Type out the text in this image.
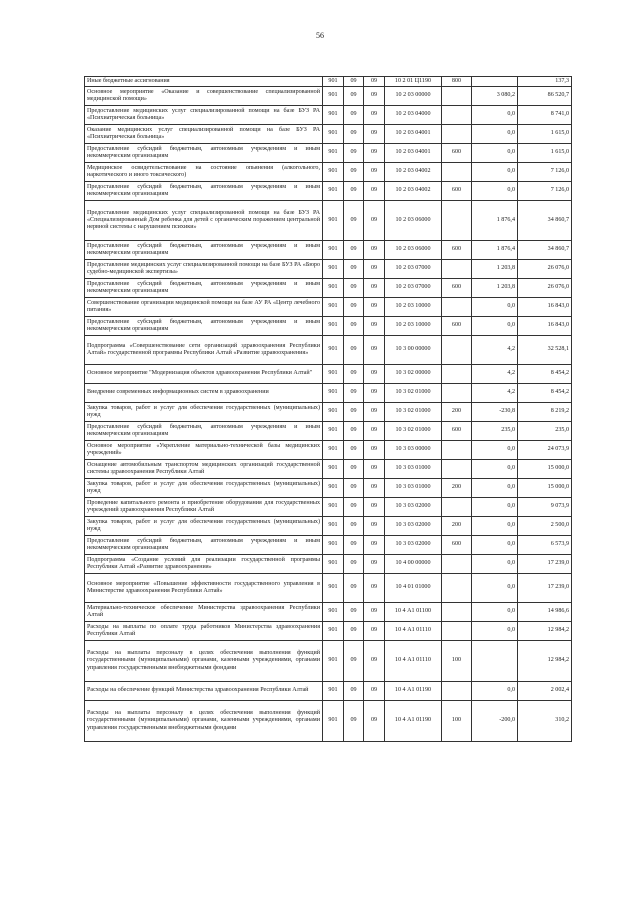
56
Иные бюджетные ассигнования	901	09	09	10 2 01 Ц1190	800		137,3
Основное мероприятие «Оказание и совершенствование специализированной медицинской помощи»	901	09	09	10 2 03 00000		3 080,2	86 520,7
Предоставление медицинских услуг специализированной помощи на базе БУЗ РА «Психиатрическая больница»	901	09	09	10 2 03 04000		0,0	8 741,0
Оказание медицинских услуг специализированной помощи на базе БУЗ РА «Психиатрическая больница»	901	09	09	10 2 03 04001		0,0	1 615,0
Предоставление субсидий бюджетным, автономным учреждениям и иным некоммерческим организациям	901	09	09	10 2 03 04001	600	0,0	1 615,0
Медицинское освидетельствование на состояние опьянения (алкогольного, наркотического и иного токсического)	901	09	09	10 2 03 04002		0,0	7 126,0
Предоставление субсидий бюджетным, автономным учреждениям и иным некоммерческим организациям	901	09	09	10 2 03 04002	600	0,0	7 126,0
Предоставление медицинских услуг специализированной помощи на базе БУЗ РА «Специализированный Дом ребенка для детей с органическим поражением центральной нервной системы с нарушением психики»	901	09	09	10 2 03 06000		1 876,4	34 860,7
Предоставление субсидий бюджетным, автономным учреждениям и иным некоммерческим организациям	901	09	09	10 2 03 06000	600	1 876,4	34 860,7
Предоставление медицинских услуг специализированной помощи на базе БУЗ РА «Бюро судебно-медицинской экспертизы»	901	09	09	10 2 03 07000		1 203,8	26 076,0
Предоставление субсидий бюджетным, автономным учреждениям и иным некоммерческим организациям	901	09	09	10 2 03 07000	600	1 203,8	26 076,0
Совершенствование организации медицинской помощи на базе АУ РА «Центр лечебного питания»	901	09	09	10 2 03 10000		0,0	16 843,0
Предоставление субсидий бюджетным, автономным учреждениям и иным некоммерческим организациям	901	09	09	10 2 03 10000	600	0,0	16 843,0
Подпрограмма «Совершенствование сети организаций здравоохранения Республики Алтай» государственной программы Республики Алтай «Развитие здравоохранения»	901	09	09	10 3 00 00000		4,2	32 528,1
Основное мероприятие "Модернизация объектов здравоохранения Республики Алтай"	901	09	09	10 3 02 00000		4,2	8 454,2
Внедрение современных информационных систем в здравоохранении	901	09	09	10 3 02 01000		4,2	8 454,2
Закупка товаров, работ и услуг для обеспечения государственных (муниципальных) нужд	901	09	09	10 3 02 01000	200	-230,8	8 219,2
Предоставление субсидий бюджетным, автономным учреждениям и иным некоммерческим организациям	901	09	09	10 3 02 01000	600	235,0	235,0
Основное мероприятие «Укрепление материально-технической базы медицинских учреждений»	901	09	09	10 3 03 00000		0,0	24 073,9
Оснащение автомобильным транспортом медицинских организаций государственной системы здравоохранения Республики Алтай	901	09	09	10 3 03 01000		0,0	15 000,0
Закупка товаров, работ и услуг для обеспечения государственных (муниципальных) нужд	901	09	09	10 3 03 01000	200	0,0	15 000,0
Проведение капитального ремонта и приобретение оборудования для государственных учреждений здравоохранения Республики Алтай	901	09	09	10 3 03 02000		0,0	9 073,9
Закупка товаров, работ и услуг для обеспечения государственных (муниципальных) нужд	901	09	09	10 3 03 02000	200	0,0	2 500,0
Предоставление субсидий бюджетным, автономным учреждениям и иным некоммерческим организациям	901	09	09	10 3 03 02000	600	0,0	6 573,9
Подпрограмма «Создание условий для реализации государственной программы Республики Алтай «Развитие здравоохранения»	901	09	09	10 4 00 00000		0,0	17 239,0
Основное мероприятие «Повышение эффективности государственного управления в Министерстве здравоохранения Республики Алтай»	901	09	09	10 4 01 01000		0,0	17 239,0
Материально-техническое обеспечение Министерства здравоохранения Республики Алтай	901	09	09	10 4 А1 01100		0,0	14 986,6
Расходы на выплаты по оплате труда работников Министерства здравоохранения Республики Алтай	901	09	09	10 4 А1 01110		0,0	12 984,2
Расходы на выплаты персоналу в целях обеспечения выполнения функций государственными (муниципальными) органами, казенными учреждениями, органами управления государственными внебюджетными фондами	901	09	09	10 4 А1 01110	100		12 984,2
Расходы на обеспечение функций Министерства здравоохранения Республики Алтай	901	09	09	10 4 А1 01190		0,0	2 002,4
Расходы на выплаты персоналу в целях обеспечения выполнения функций государственными (муниципальными) органами, казенными учреждениями, органами управления государственными внебюджетными фондами	901	09	09	10 4 А1 01190	100	-200,0	310,2
